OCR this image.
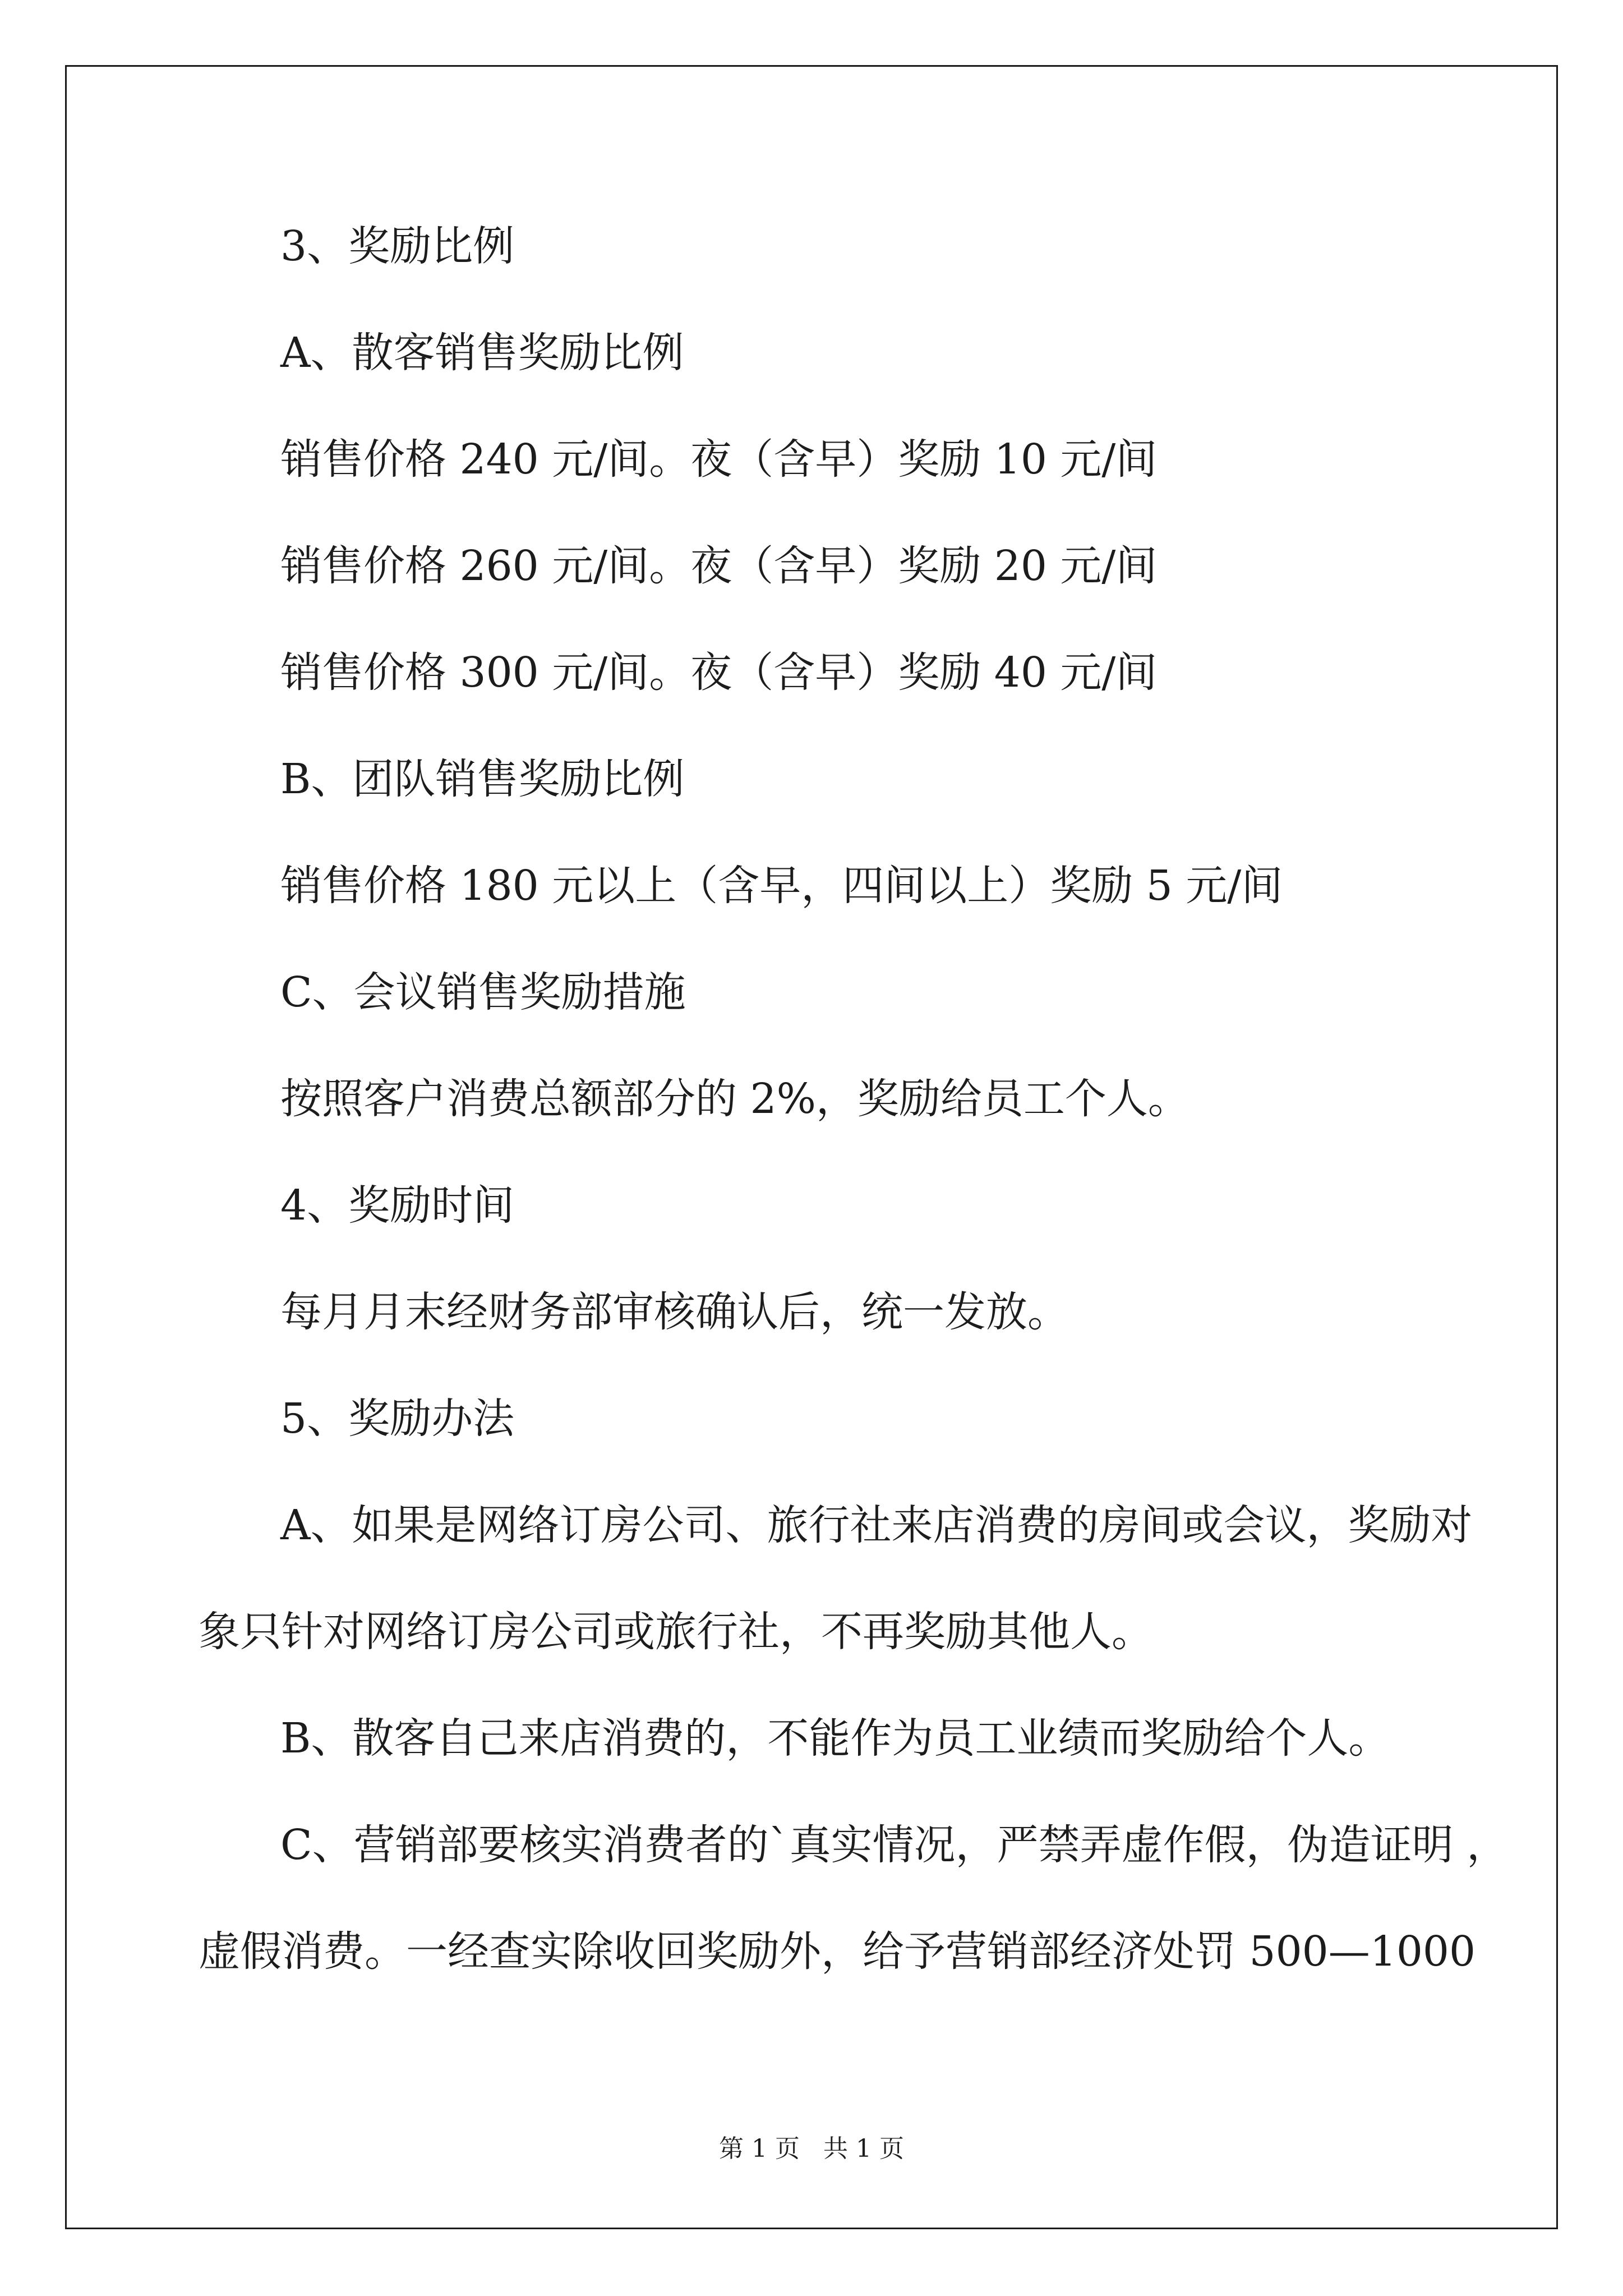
3、奖励比例

A、散客销售奖励比例

销售价格 240 元/间。夜（含早）奖励 10 元/间

销售价格 260 元/间。夜（含早）奖励 20 元/间

销售价格 300 元/间。夜（含早）奖励 40 元/间

B、团队销售奖励比例

销售价格 180 元以上（含早，四间以上）奖励 5 元/间

C、会议销售奖励措施

按照客户消费总额部分的 2%，奖励给员工个人。

4、奖励时间

每月月末经财务部审核确认后，统一发放。

5、奖励办法

A、如果是网络订房公司、旅行社来店消费的房间或会议，奖励对

象只针对网络订房公司或旅行社，不再奖励其他人。

B、散客自己来店消费的，不能作为员工业绩而奖励给个人。

C、营销部要核实消费者的`真实情况，严禁弄虚作假，伪造证明 ，

虚假消费。一经查实除收回奖励外，给予营销部经济处罚 500—1000

第 1 页   共 1 页
